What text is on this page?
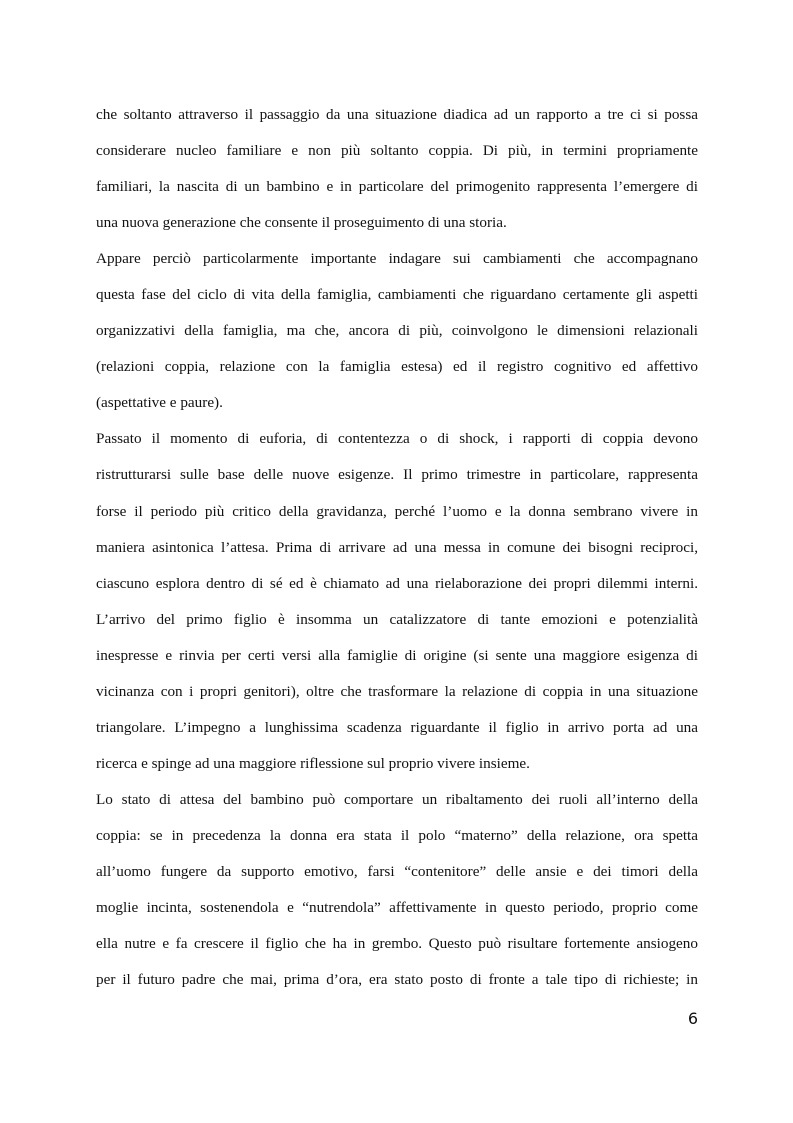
che soltanto attraverso il passaggio da una situazione diadica ad un rapporto a tre ci si possa
considerare nucleo familiare e non più soltanto coppia. Di più, in termini propriamente
familiari, la nascita di un bambino e in particolare del primogenito rappresenta l’emergere di
una nuova generazione che consente il proseguimento di una storia.
Appare perciò particolarmente importante indagare sui cambiamenti che accompagnano
questa fase del ciclo di vita della famiglia, cambiamenti che riguardano certamente gli aspetti
organizzativi della famiglia, ma che, ancora di più, coinvolgono le dimensioni relazionali
(relazioni coppia, relazione con la famiglia estesa) ed il registro cognitivo ed affettivo
(aspettative e paure).
Passato il momento di euforia, di contentezza o di shock, i rapporti di coppia devono
ristrutturarsi sulle base delle nuove esigenze. Il primo trimestre in particolare, rappresenta
forse il periodo più critico della gravidanza, perché l’uomo e la donna sembrano vivere in
maniera asintonica l’attesa. Prima di arrivare ad una messa in comune dei bisogni reciproci,
ciascuno esplora dentro di sé ed è chiamato ad una rielaborazione dei propri dilemmi interni.
L’arrivo del primo figlio è insomma un catalizzatore di tante emozioni e potenzialità
inespresse e rinvia per certi versi alla famiglie di origine (si sente una maggiore esigenza di
vicinanza con i propri genitori), oltre che trasformare la relazione di coppia in una situazione
triangolare. L’impegno a lunghissima scadenza riguardante il figlio in arrivo porta ad una
ricerca e spinge ad una maggiore riflessione sul proprio vivere insieme.
Lo stato di attesa del bambino può comportare un ribaltamento dei ruoli all’interno della
coppia: se in precedenza la donna era stata il polo “materno” della relazione, ora spetta
all’uomo fungere da supporto emotivo, farsi “contenitore” delle ansie e dei timori della
moglie incinta, sostenendola e “nutrendola” affettivamente in questo periodo, proprio come
ella nutre e fa crescere il figlio che ha in grembo. Questo può risultare fortemente ansiogeno
per il futuro padre che mai, prima d’ora, era stato posto di fronte a tale tipo di richieste; in
6
